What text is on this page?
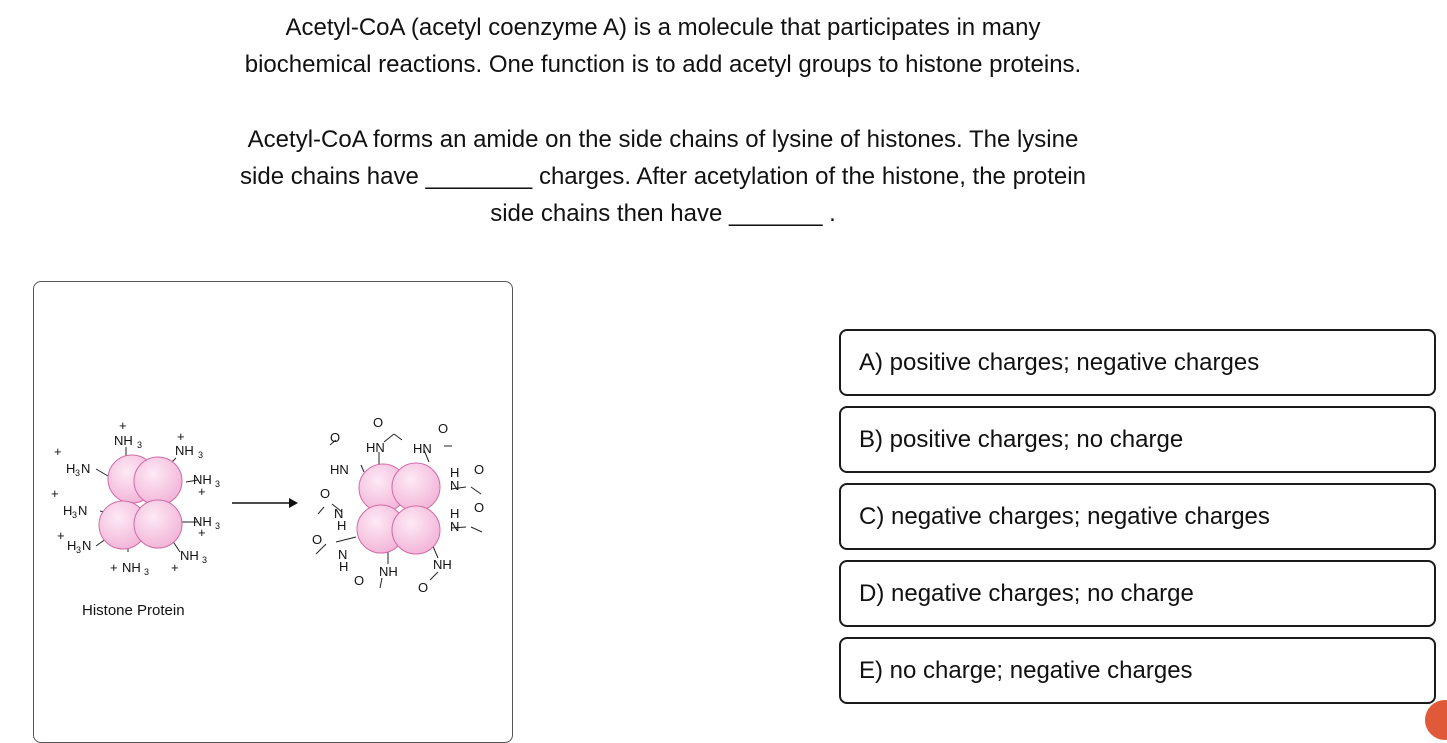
Acetyl-CoA (acetyl coenzyme A) is a molecule that participates in many
biochemical reactions. One function is to add acetyl groups to histone proteins.

Acetyl-CoA forms an amide on the side chains of lysine of histones. The lysine
side chains have ________ charges. After acetylation of the histone, the protein
side chains then have _______ .

+
NH 3
+
NH 3
+
H 3 N
NH 3
+
+
H 3 N
NH 3
+
+
H 3 N
NH 3
+
+ NH 3
O
HN
O
HN
O
HN	O
H
N
O
N
H
O
H
N
O
N
H NH
O
NH
O
Histone Protein
A) positive charges; negative charges
B) positive charges; no charge
C) negative charges; negative charges
D) negative charges; no charge
E) no charge; negative charges
